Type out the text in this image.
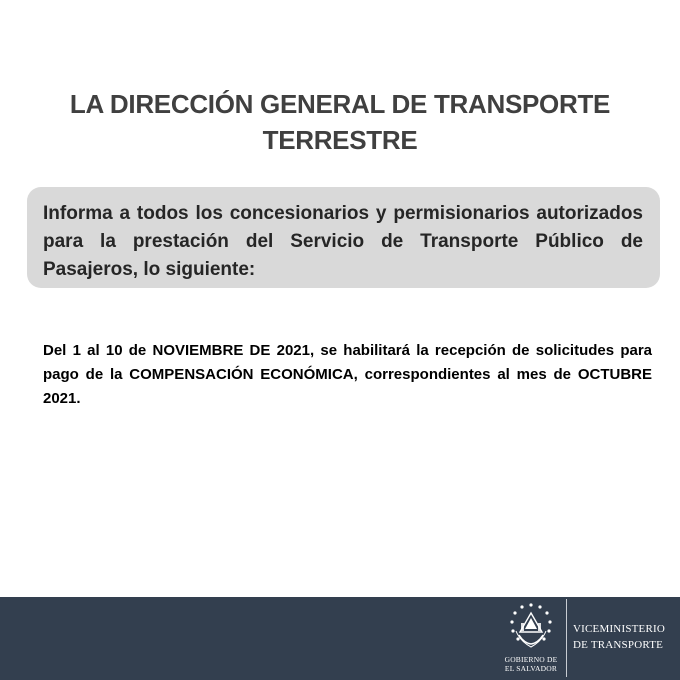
LA DIRECCIÓN GENERAL DE TRANSPORTE TERRESTRE
Informa a todos los concesionarios y permisionarios autorizados para la prestación del Servicio de Transporte Público de Pasajeros, lo siguiente:
Del 1 al 10 de NOVIEMBRE DE 2021, se habilitará la recepción de solicitudes para pago de la COMPENSACIÓN ECONÓMICA, correspondientes al mes de OCTUBRE 2021.
GOBIERNO DE
EL SALVADOR
VICEMINISTERIO
DE TRANSPORTE
